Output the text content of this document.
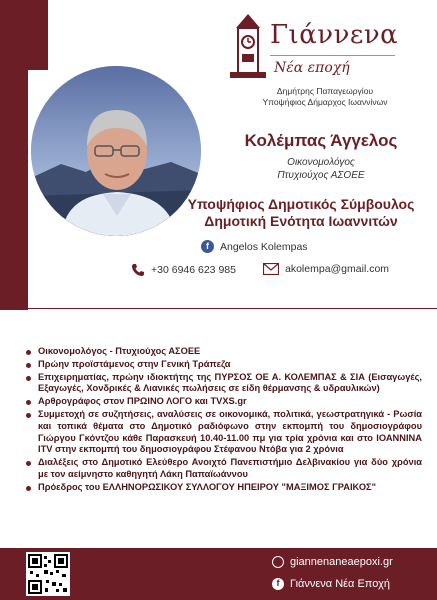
Γιάννενα
Νέα εποχή
Δημήτρης Παπαγεωργίου
Υποψήφιος Δήμαρχος Ιωαννίνων
Κολέμπας Άγγελος
Οικονομολόγος
Πτυχιούχος ΑΣΟΕΕ
Υποψήφιος Δημοτικός Σύμβουλος
Δημοτική Ενότητα Ιωαννιτών
f	Angelos Kolempas
+30 6946 623 985	akolempa@gmail.com
Οικονομολόγος - Πτυχιούχος ΑΣΟΕΕ
Πρώην προϊστάμενος στην Γενική Τράπεζα
Επιχειρηματίας, πρώην ιδιοκτήτης της ΠΥΡΣΟΣ ΟΕ Α. ΚΟΛΕΜΠΑΣ & ΣΙΑ (Εισαγωγές, Εξαγωγές, Χονδρικές & Λιανικές πωλήσεις σε είδη θέρμανσης & υδραυλικών)
Αρθρογράφος στον ΠΡΩΙΝΟ ΛΟΓΟ και TVXS.gr
Συμμετοχή σε συζητήσεις, αναλύσεις σε οικονομικά, πολιτικά, γεωστρατηγικά - Ρωσία και τοπικά θέματα στο Δημοτικό ραδιόφωνο στην εκπομπή του δημοσιογράφου Γιώργου Γκόντζου κάθε Παρασκευή 10.40-11.00 πμ για τρία χρόνια και στο ΙΟΑΝΝΙΝΑ ITV στην εκπομπή του δημοσιογράφου Στέφανου Ντόβα για 2 χρόνια
Διαλέξεις στο Δημοτικό Ελεύθερο Ανοιχτό Πανεπιστήμιο Δελβινακίου για δύο χρόνια με τον αείμνηστο καθηγητή Λάκη Παπαϊωάννου
Πρόεδρος του ΕΛΛΗΝΟΡΩΣΙΚΟΥ ΣΥΛΛΟΓΟΥ ΗΠΕΙΡΟΥ "ΜΑΞΙΜΟΣ ΓΡΑΙΚΟΣ"
giannenaneaepoxi.gr
f Γιάννενα Νέα Εποχή
